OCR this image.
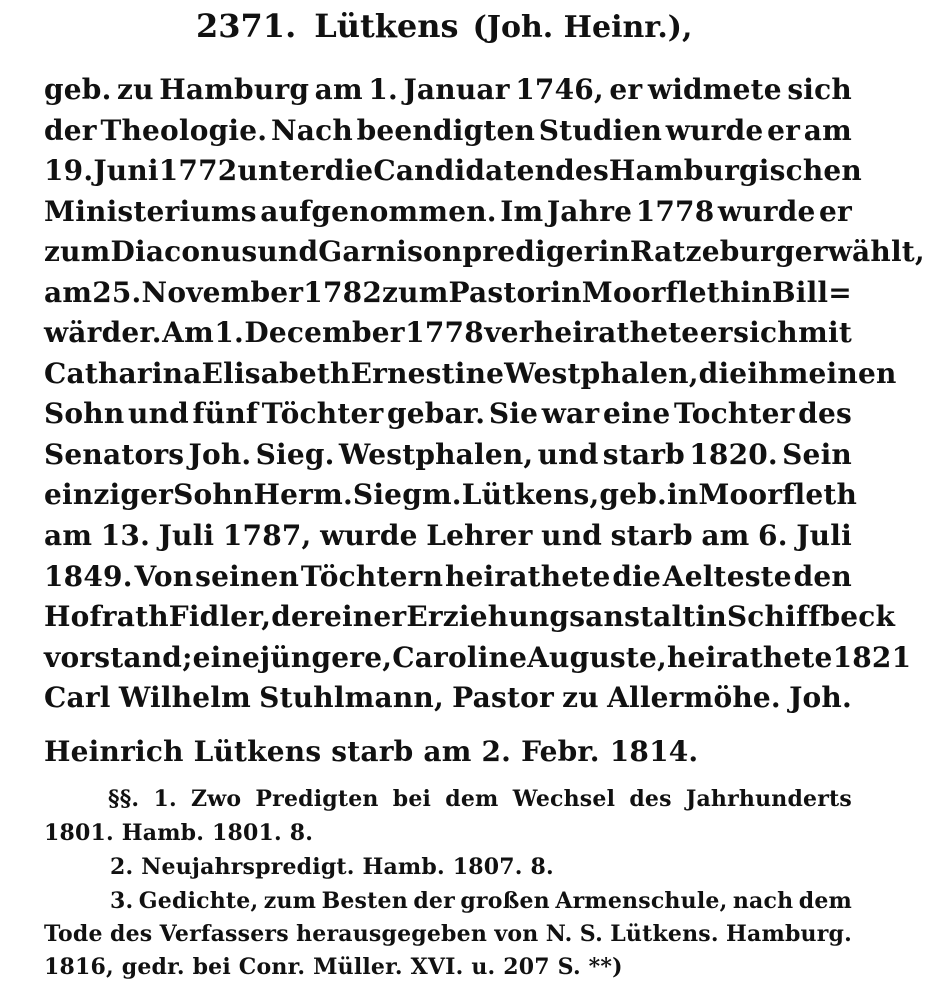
2371. Lütkens (Joh. Heinr.),
geb. zu Hamburg am 1. Januar 1746, er widmete sich
der Theologie. Nach beendigten Studien wurde er am
19. Juni 1772 unter die Candidaten des Hamburgischen
Ministeriums aufgenommen. Im Jahre 1778 wurde er
zum Diaconus und Garnisonprediger in Ratzeburg erwählt,
am 25. November 1782 zum Pastor in Moorfleth in Bill=
wärder. Am 1. December 1778 verheirathete er sich mit
Catharina Elisabeth Ernestine Westphalen, die ihm einen
Sohn und fünf Töchter gebar. Sie war eine Tochter des
Senators Joh. Sieg. Westphalen, und starb 1820. Sein
einziger Sohn Herm. Siegm. Lütkens, geb. in Moorfleth
am 13. Juli 1787, wurde Lehrer und starb am 6. Juli
1849. Von seinen Töchtern heirathete die Aelteste den
Hofrath Fidler, der einer Erziehungsanstalt in Schiffbeck
vorstand; eine jüngere, Caroline Auguste, heirathete 1821
Carl Wilhelm Stuhlmann, Pastor zu Allermöhe. Joh.
Heinrich Lütkens starb am 2. Febr. 1814.
§§. 1. Zwo Predigten bei dem Wechsel des Jahrhunderts
1801. Hamb. 1801. 8.
2. Neujahrspredigt. Hamb. 1807. 8.
3. Gedichte, zum Besten der großen Armenschule, nach dem
Tode des Verfassers herausgegeben von N. S. Lütkens. Hamburg.
1816, gedr. bei Conr. Müller. XVI. u. 207 S. **)
